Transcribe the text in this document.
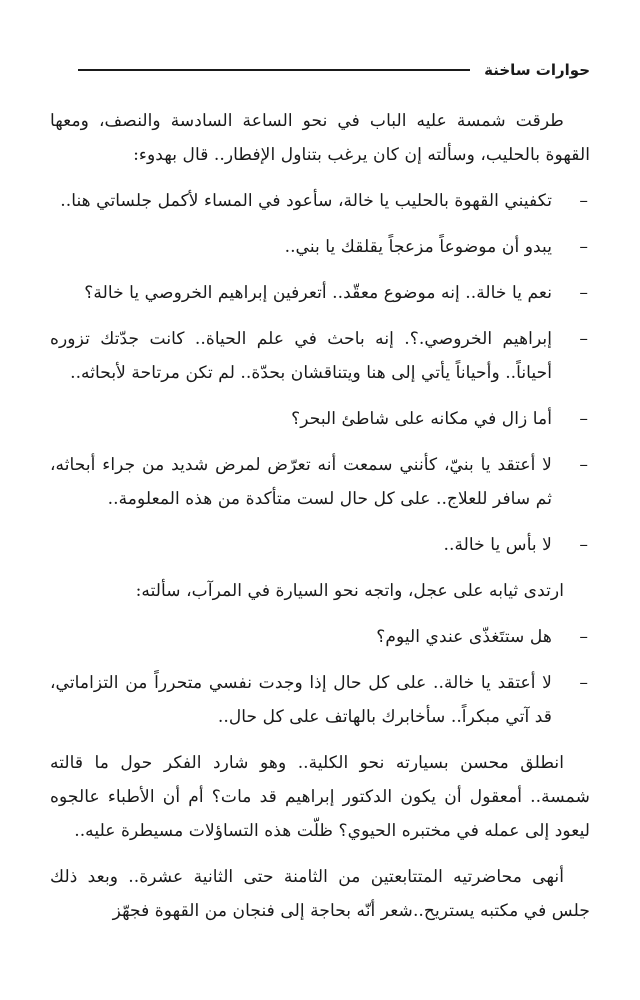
حوارات ساخنة

طرقت شمسة عليه الباب في نحو الساعة السادسة والنصف، ومعها القهوة بالحليب، وسألته إن كان يرغب بتناول الإفطار.. قال بهدوء:

–
تكفيني القهوة بالحليب يا خالة، سأعود في المساء لأكمل جلساتي هنا..
–
يبدو أن موضوعاً مزعجاً يقلقك يا بني..
–
نعم يا خالة.. إنه موضوع معقّد.. أتعرفين إبراهيم الخروصي يا خالة؟
–
إبراهيم الخروصي.؟. إنه باحث في علم الحياة.. كانت جدّتك تزوره أحياناً.. وأحياناً يأتي إلى هنا ويتناقشان بحدّة.. لم تكن مرتاحة لأبحاثه..
–
أما زال في مكانه على شاطئ البحر؟
–
لا أعتقد يا بنيّ، كأنني سمعت أنه تعرّض لمرض شديد من جراء أبحاثه، ثم سافر للعلاج.. على كل حال لست متأكدة من هذه المعلومة..
–
لا بأس يا خالة..

ارتدى ثيابه على عجل، واتجه نحو السيارة في المرآب، سألته:

–
هل ستتَغذّى عندي اليوم؟
–
لا أعتقد يا خالة.. على كل حال إذا وجدت نفسي متحرراً من التزاماتي، قد آتي مبكراً.. سأخابرك بالهاتف على كل حال..

انطلق محسن بسيارته نحو الكلية.. وهو شارد الفكر حول ما قالته شمسة.. أمعقول أن يكون الدكتور إبراهيم قد مات؟ أم أن الأطباء عالجوه ليعود إلى عمله في مختبره الحيوي؟ ظلّت هذه التساؤلات مسيطرة عليه..

أنهى محاضرتيه المتتابعتين من الثامنة حتى الثانية عشرة.. وبعد ذلك جلس في مكتبه يستريح..شعر أنّه بحاجة إلى فنجان من القهوة فجهّز
